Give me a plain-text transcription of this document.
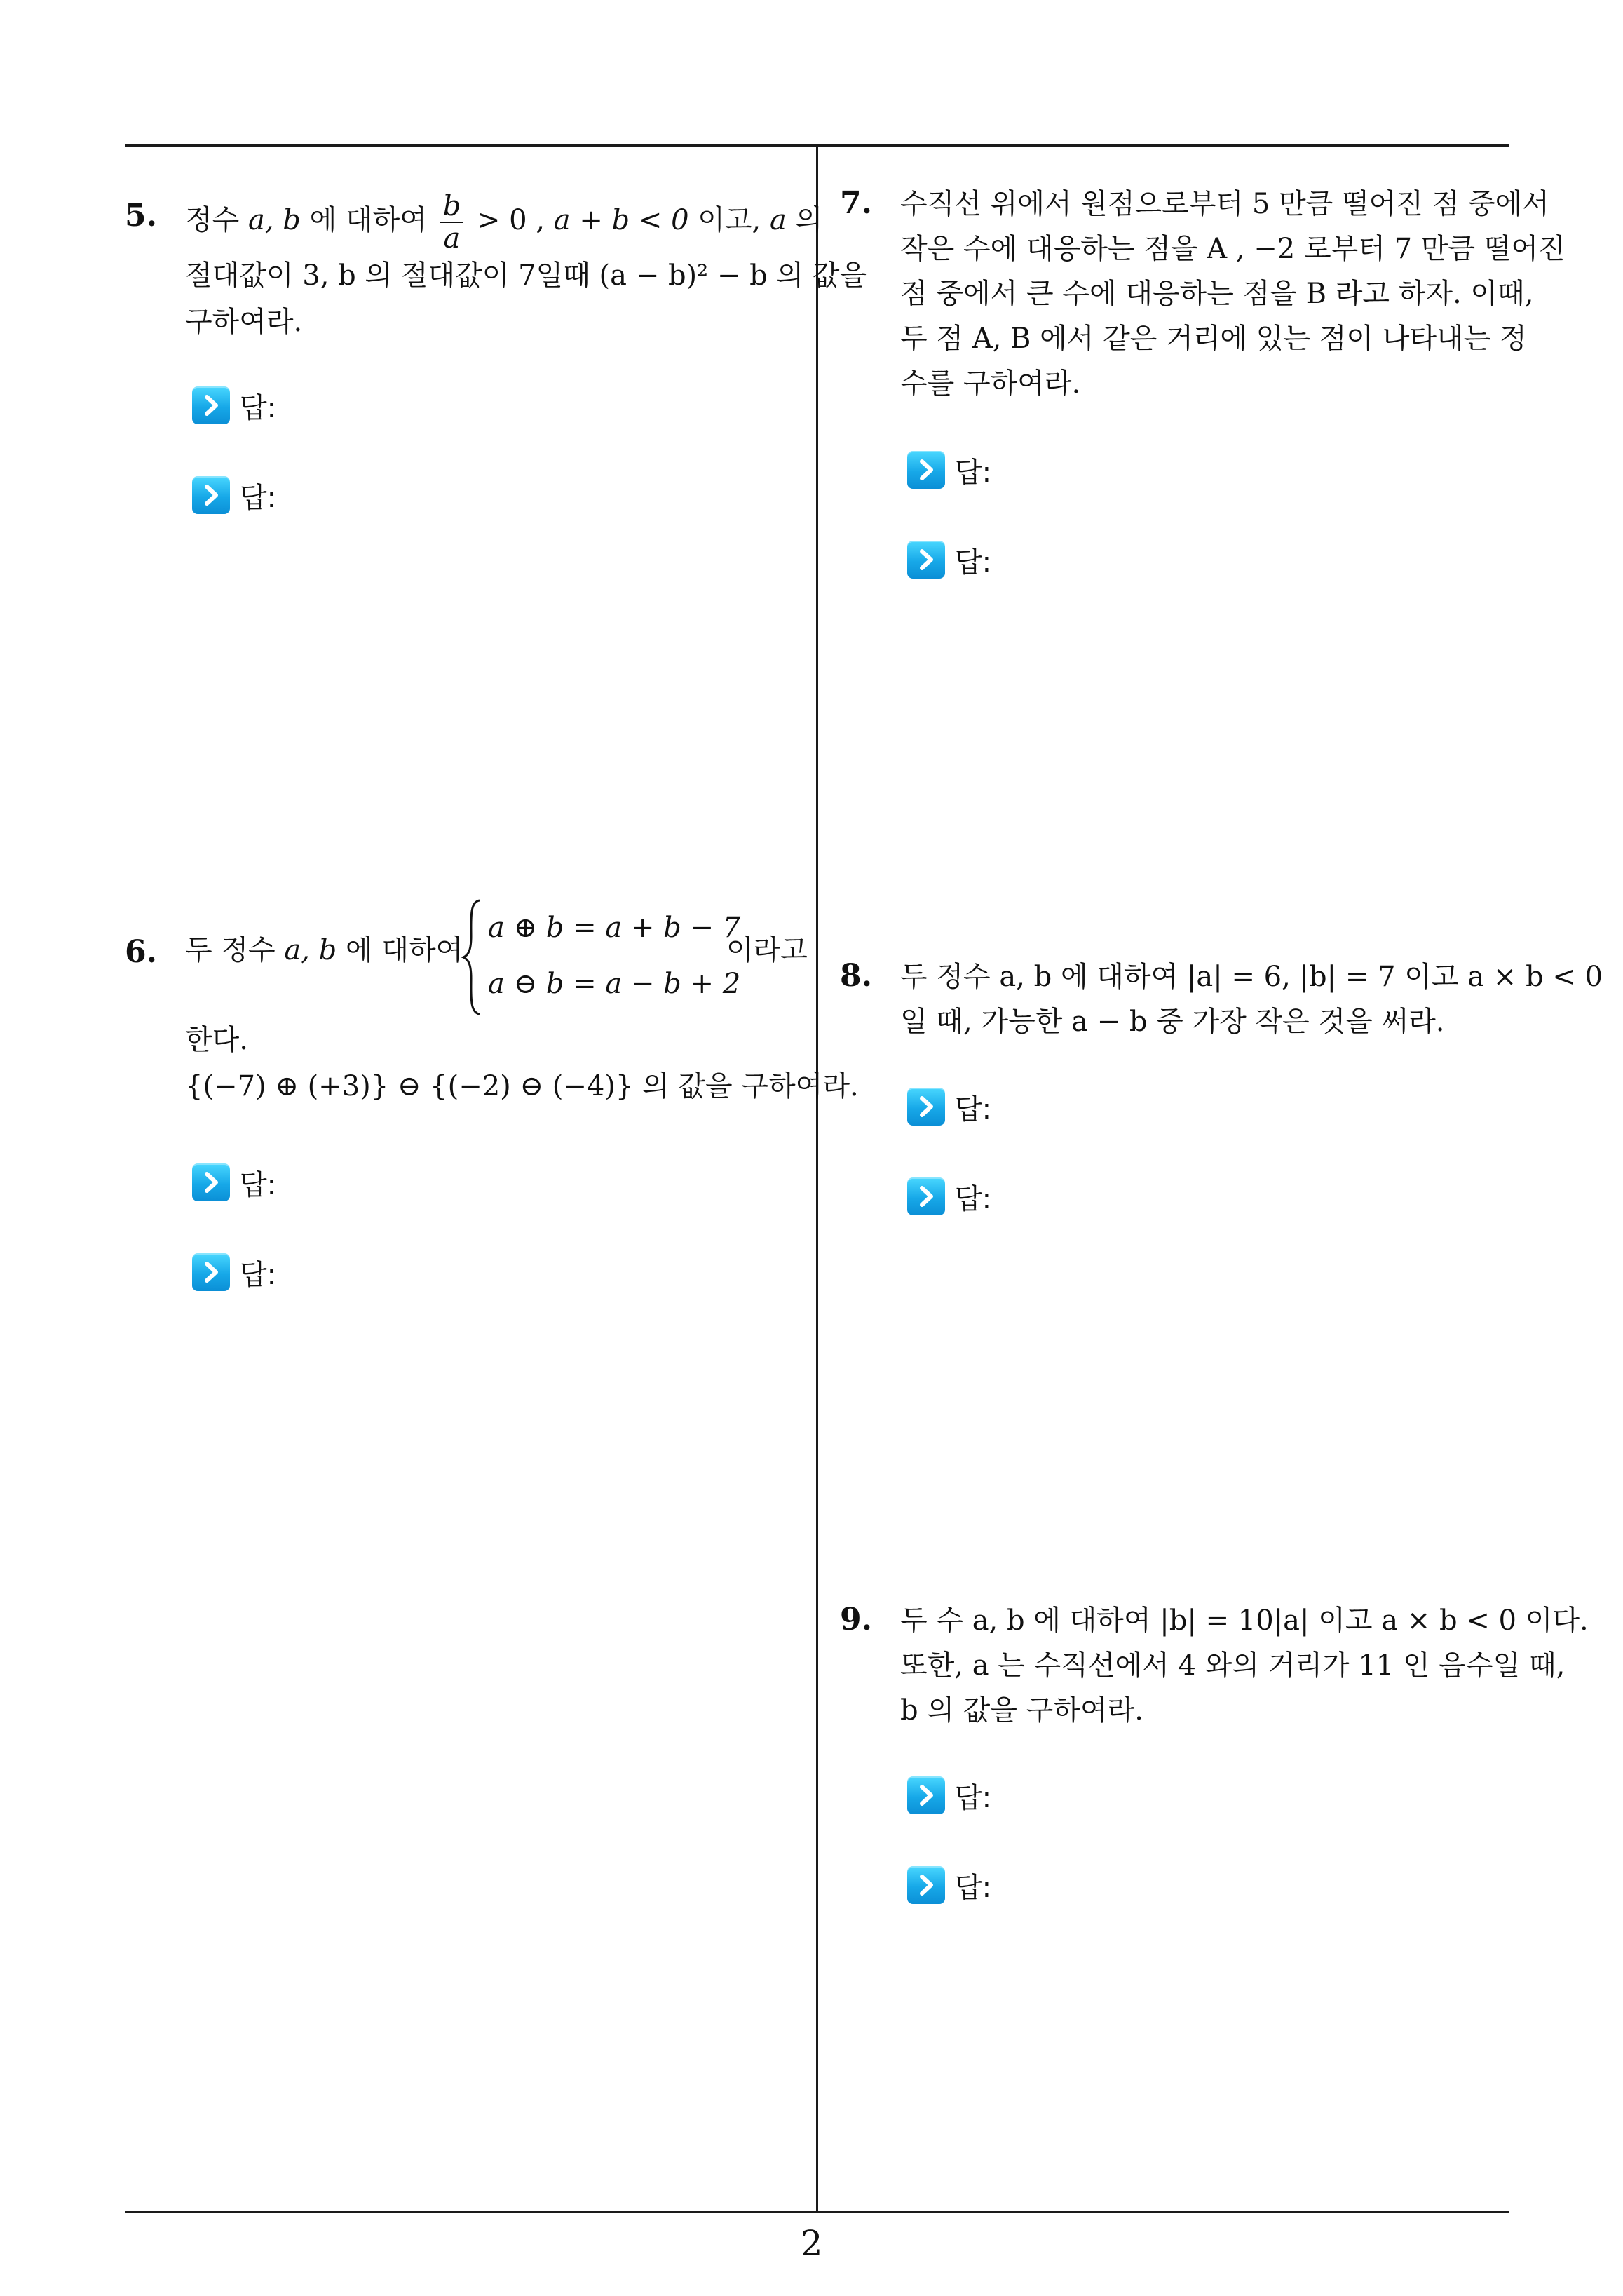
5. 정수 a, b 에 대하여 $\frac{b}{a} > 0$ , a + b < 0 이고, a 의
절대값이 3, b 의 절대값이 7일때 (a − b)² − b 의 값을
구하여라.
답:
답:
6. 두 정수 a, b 에 대하여
a ⊕ b = a + b − 7
a ⊖ b = a − b + 2
이라고
한다.
{(−7) ⊕ (+3)} ⊖ {(−2) ⊖ (−4)} 의 값을 구하여라.
답:
답:
7. 수직선 위에서 원점으로부터 5 만큼 떨어진 점 중에서
작은 수에 대응하는 점을 A , −2 로부터 7 만큼 떨어진
점 중에서 큰 수에 대응하는 점을 B 라고 하자. 이때,
두 점 A, B 에서 같은 거리에 있는 점이 나타내는 정
수를 구하여라.
답:
답:
8. 두 정수 a, b 에 대하여 |a| = 6, |b| = 7 이고 a × b < 0
일 때, 가능한 a − b 중 가장 작은 것을 써라.
답:
답:
9. 두 수 a, b 에 대하여 |b| = 10|a| 이고 a × b < 0 이다.
또한, a 는 수직선에서 4 와의 거리가 11 인 음수일 때,
b 의 값을 구하여라.
답:
답:
2
